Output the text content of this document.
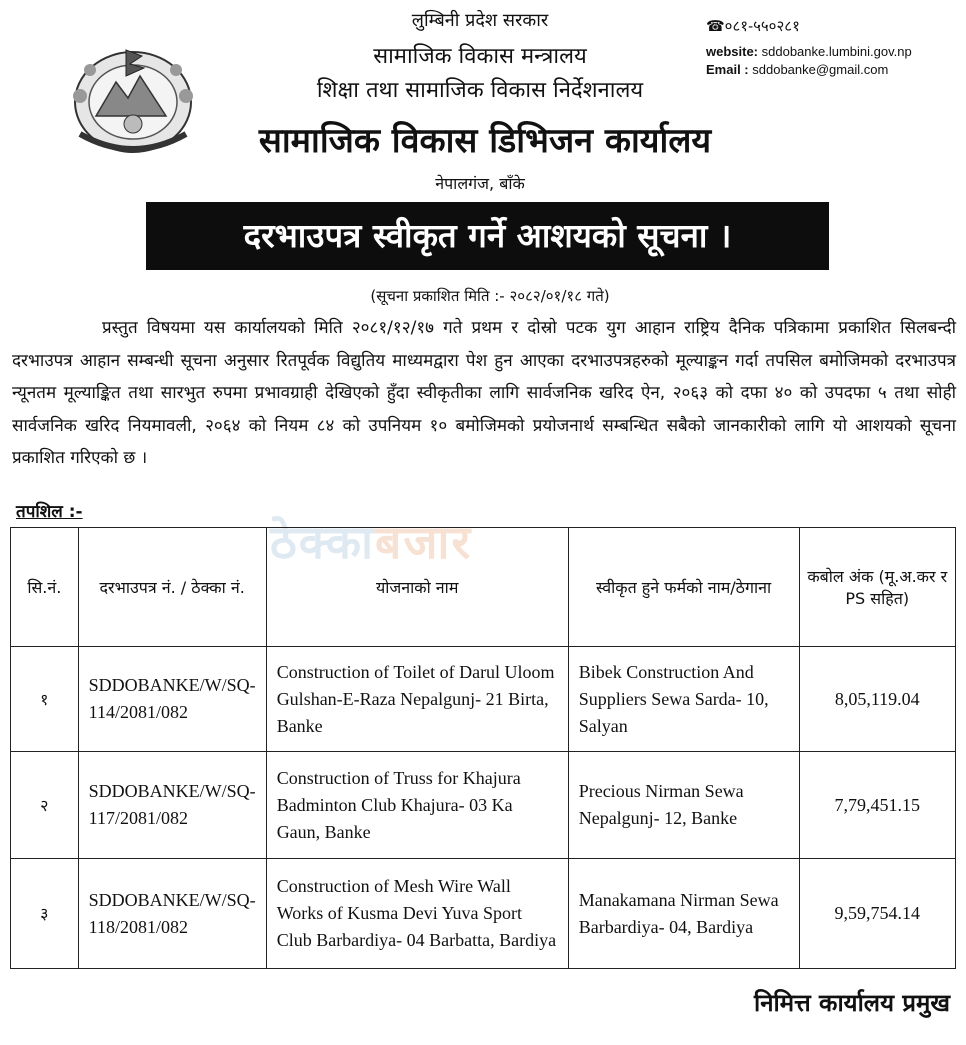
लुम्बिनी प्रदेश सरकार
सामाजिक विकास मन्त्रालय
शिक्षा तथा सामाजिक विकास निर्देशनालय
सामाजिक विकास डिभिजन कार्यालय
नेपालगंज, बाँके
☎०८१-५५०२८१
website: sddobanke.lumbini.gov.np
Email : sddobanke@gmail.com
दरभाउपत्र स्वीकृत गर्ने आशयको सूचना ।
(सूचना प्रकाशित मिति :- २०८२/०१/१८ गते)
प्रस्तुत विषयमा यस कार्यालयको मिति २०८१/१२/१७ गते प्रथम र दोस्रो पटक युग आहान राष्ट्रिय दैनिक पत्रिकामा प्रकाशित सिलबन्दी दरभाउपत्र आहान सम्बन्धी सूचना अनुसार रितपूर्वक विद्युतिय माध्यमद्वारा पेश हुन आएका दरभाउपत्रहरुको मूल्याङ्कन गर्दा तपसिल बमोजिमको दरभाउपत्र न्यूनतम मूल्याङ्कित तथा सारभुत रुपमा प्रभावग्राही देखिएको हुँदा स्वीकृतीका लागि सार्वजनिक खरिद ऐन, २०६३ को दफा ४० को उपदफा ५ तथा सोही सार्वजनिक खरिद नियमावली, २०६४ को नियम ८४ को उपनियम १० बमोजिमको प्रयोजनार्थ सम्बन्धित सबैको जानकारीको लागि यो आशयको सूचना प्रकाशित गरिएको छ ।
तपशिल :-
ठेक्काबजार
सि.नं.	दरभाउपत्र नं. / ठेक्का नं.	योजनाको नाम	स्वीकृत हुने फर्मको नाम/ठेगाना	कबोल अंक (मू.अ.कर र PS सहित)
१	SDDOBANKE/W/SQ-114/2081/082	Construction of Toilet of Darul Uloom Gulshan-E-Raza Nepalgunj- 21 Birta, Banke	Bibek Construction And Suppliers Sewa Sarda- 10, Salyan	8,05,119.04
२	SDDOBANKE/W/SQ-117/2081/082	Construction of Truss for Khajura Badminton Club Khajura- 03 Ka Gaun, Banke	Precious Nirman Sewa Nepalgunj- 12, Banke	7,79,451.15
३	SDDOBANKE/W/SQ-118/2081/082	Construction of Mesh Wire Wall Works of Kusma Devi Yuva Sport Club Barbardiya- 04 Barbatta, Bardiya	Manakamana Nirman Sewa Barbardiya- 04, Bardiya	9,59,754.14
निमित्त कार्यालय प्रमुख
